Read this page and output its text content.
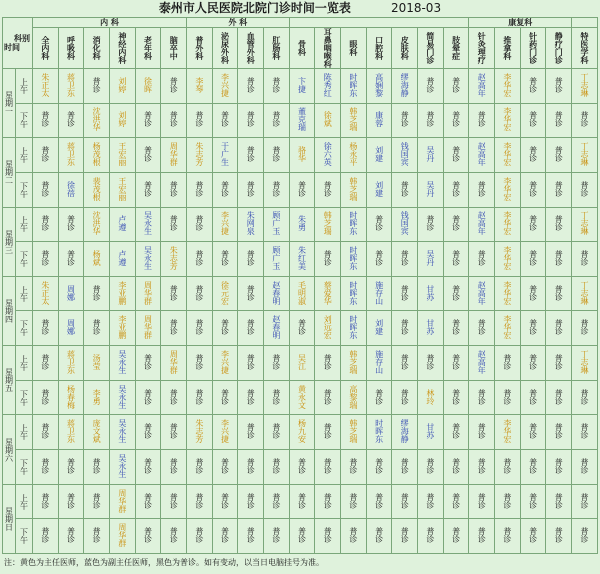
泰州市人民医院北院门诊时间一览表	2018-03
科别
时间		内 科						外 科											康复科				

		全内科	呼吸科	消化科	神经内科	老年科	脑卒中	普外科	泌尿外科	血管外科	肛肠科	骨科	耳鼻咽喉科	眼科	口腔科	皮肤科	简易门诊	肢晕症	针灸理疗	推拿科	针药门诊	静疗门诊	特医学科

星期一	上午	朱正太	蒋卫东	普诊	刘婷	徐晖	普诊	李琴	李兴捷	普诊	普诊	卞捷	陈秀红	时晖东	高娴黎	缪海静	普诊	普诊	赵高年	李华宏	普诊	普诊	丁志琳

	下午	普诊	普诊	沈洪华	刘婷	普诊	普诊	普诊	普诊	普诊	普诊	董克瑞	徐斌	韩芝瑞	康蓉	普诊	普诊	普诊	普诊	李华宏	普诊	普诊	普诊

星期二	上午	普诊	蒋卫东	杨茂根	王宏丽	普诊	周华群	朱志芳	于广生	普诊	普诊	骆华	徐六英	杨永平	刘建	钱国宾	吴丹	普诊	赵高年	李华宏	普诊	普诊	丁志琳

	下午	普诊	徐蓓	裴茂根	王宏丽	普诊	普诊	普诊	普诊	普诊	普诊	普诊	普诊	韩芝瑞	刘建	普诊	吴丹	普诊	普诊	李华宏	普诊	普诊	普诊

星期三	上午	普诊	普诊	沈洪华	卢遵	吴永生	普诊	普诊	李兴捷	朱网泉	顾广玉	朱勇	韩芝瑞	时晖东	普诊	钱国宾	普诊	普诊	赵高年	李华宏	普诊	普诊	丁志琳

	下午	普诊	普诊	杨斌	卢遵	吴永生	朱志芳	普诊	普诊	普诊	顾广玉	朱红美	普诊	时晖东	普诊	普诊	吴丹	普诊	普诊	李华宏	普诊	普诊	普诊

星期四	上午	朱正太	周娜	普诊	李亚鹏	周华群	普诊	普诊	徐元宏	普诊	赵春明	毛明淑	蔡爱华	时晖东	施存山	普诊	甘苏	普诊	赵高年	李华宏	普诊	普诊	丁志琳

	下午	普诊	周娜	普诊	李亚鹏	周华群	普诊	普诊	普诊	普诊	赵春明	普诊	刘远宏	时晖东	刘建	普诊	甘苏	普诊	普诊	李华宏	普诊	普诊	普诊

星期五	上午	普诊	蒋卫东	汤莹	吴永生	普诊	周华群	普诊	李兴捷	普诊	普诊	吴江	普诊	韩芝瑞	施存山	普诊	普诊	普诊	赵高年	普诊	普诊	普诊	丁志琳

	下午	普诊	杨春梅	李勇	吴永生	普诊	普诊	普诊	普诊	普诊	普诊	黄永文	普诊	高黎瑞	普诊	普诊	林玲	普诊	普诊	普诊	普诊	普诊	普诊

星期六	上午	普诊	蒋卫东	庞文斌	吴永生	普诊	普诊	朱志芳	李兴捷	普诊	普诊	杨九安	普诊	韩芝瑞	时晖东	缪海静	甘苏	普诊	普诊	李华宏	普诊	普诊	普诊

	下午	普诊	普诊	普诊	吴永生	普诊	普诊	普诊	普诊	普诊	普诊	普诊	普诊	普诊	普诊	普诊	普诊	普诊	普诊	普诊	普诊	普诊	普诊

星期日	上午	普诊	普诊	普诊	周华群	普诊	普诊	普诊	普诊	普诊	普诊	普诊	普诊	普诊	普诊	普诊	普诊	普诊	普诊	普诊	普诊	普诊	普诊

	下午	普诊	普诊	普诊	周华群	普诊	普诊	普诊	普诊	普诊	普诊	普诊	普诊	普诊	普诊	普诊	普诊	普诊	普诊	普诊	普诊	普诊	普诊
注：黄色为主任医师，蓝色为副主任医师，黑色为普诊。如有变动，以当日电脑挂号为准。
